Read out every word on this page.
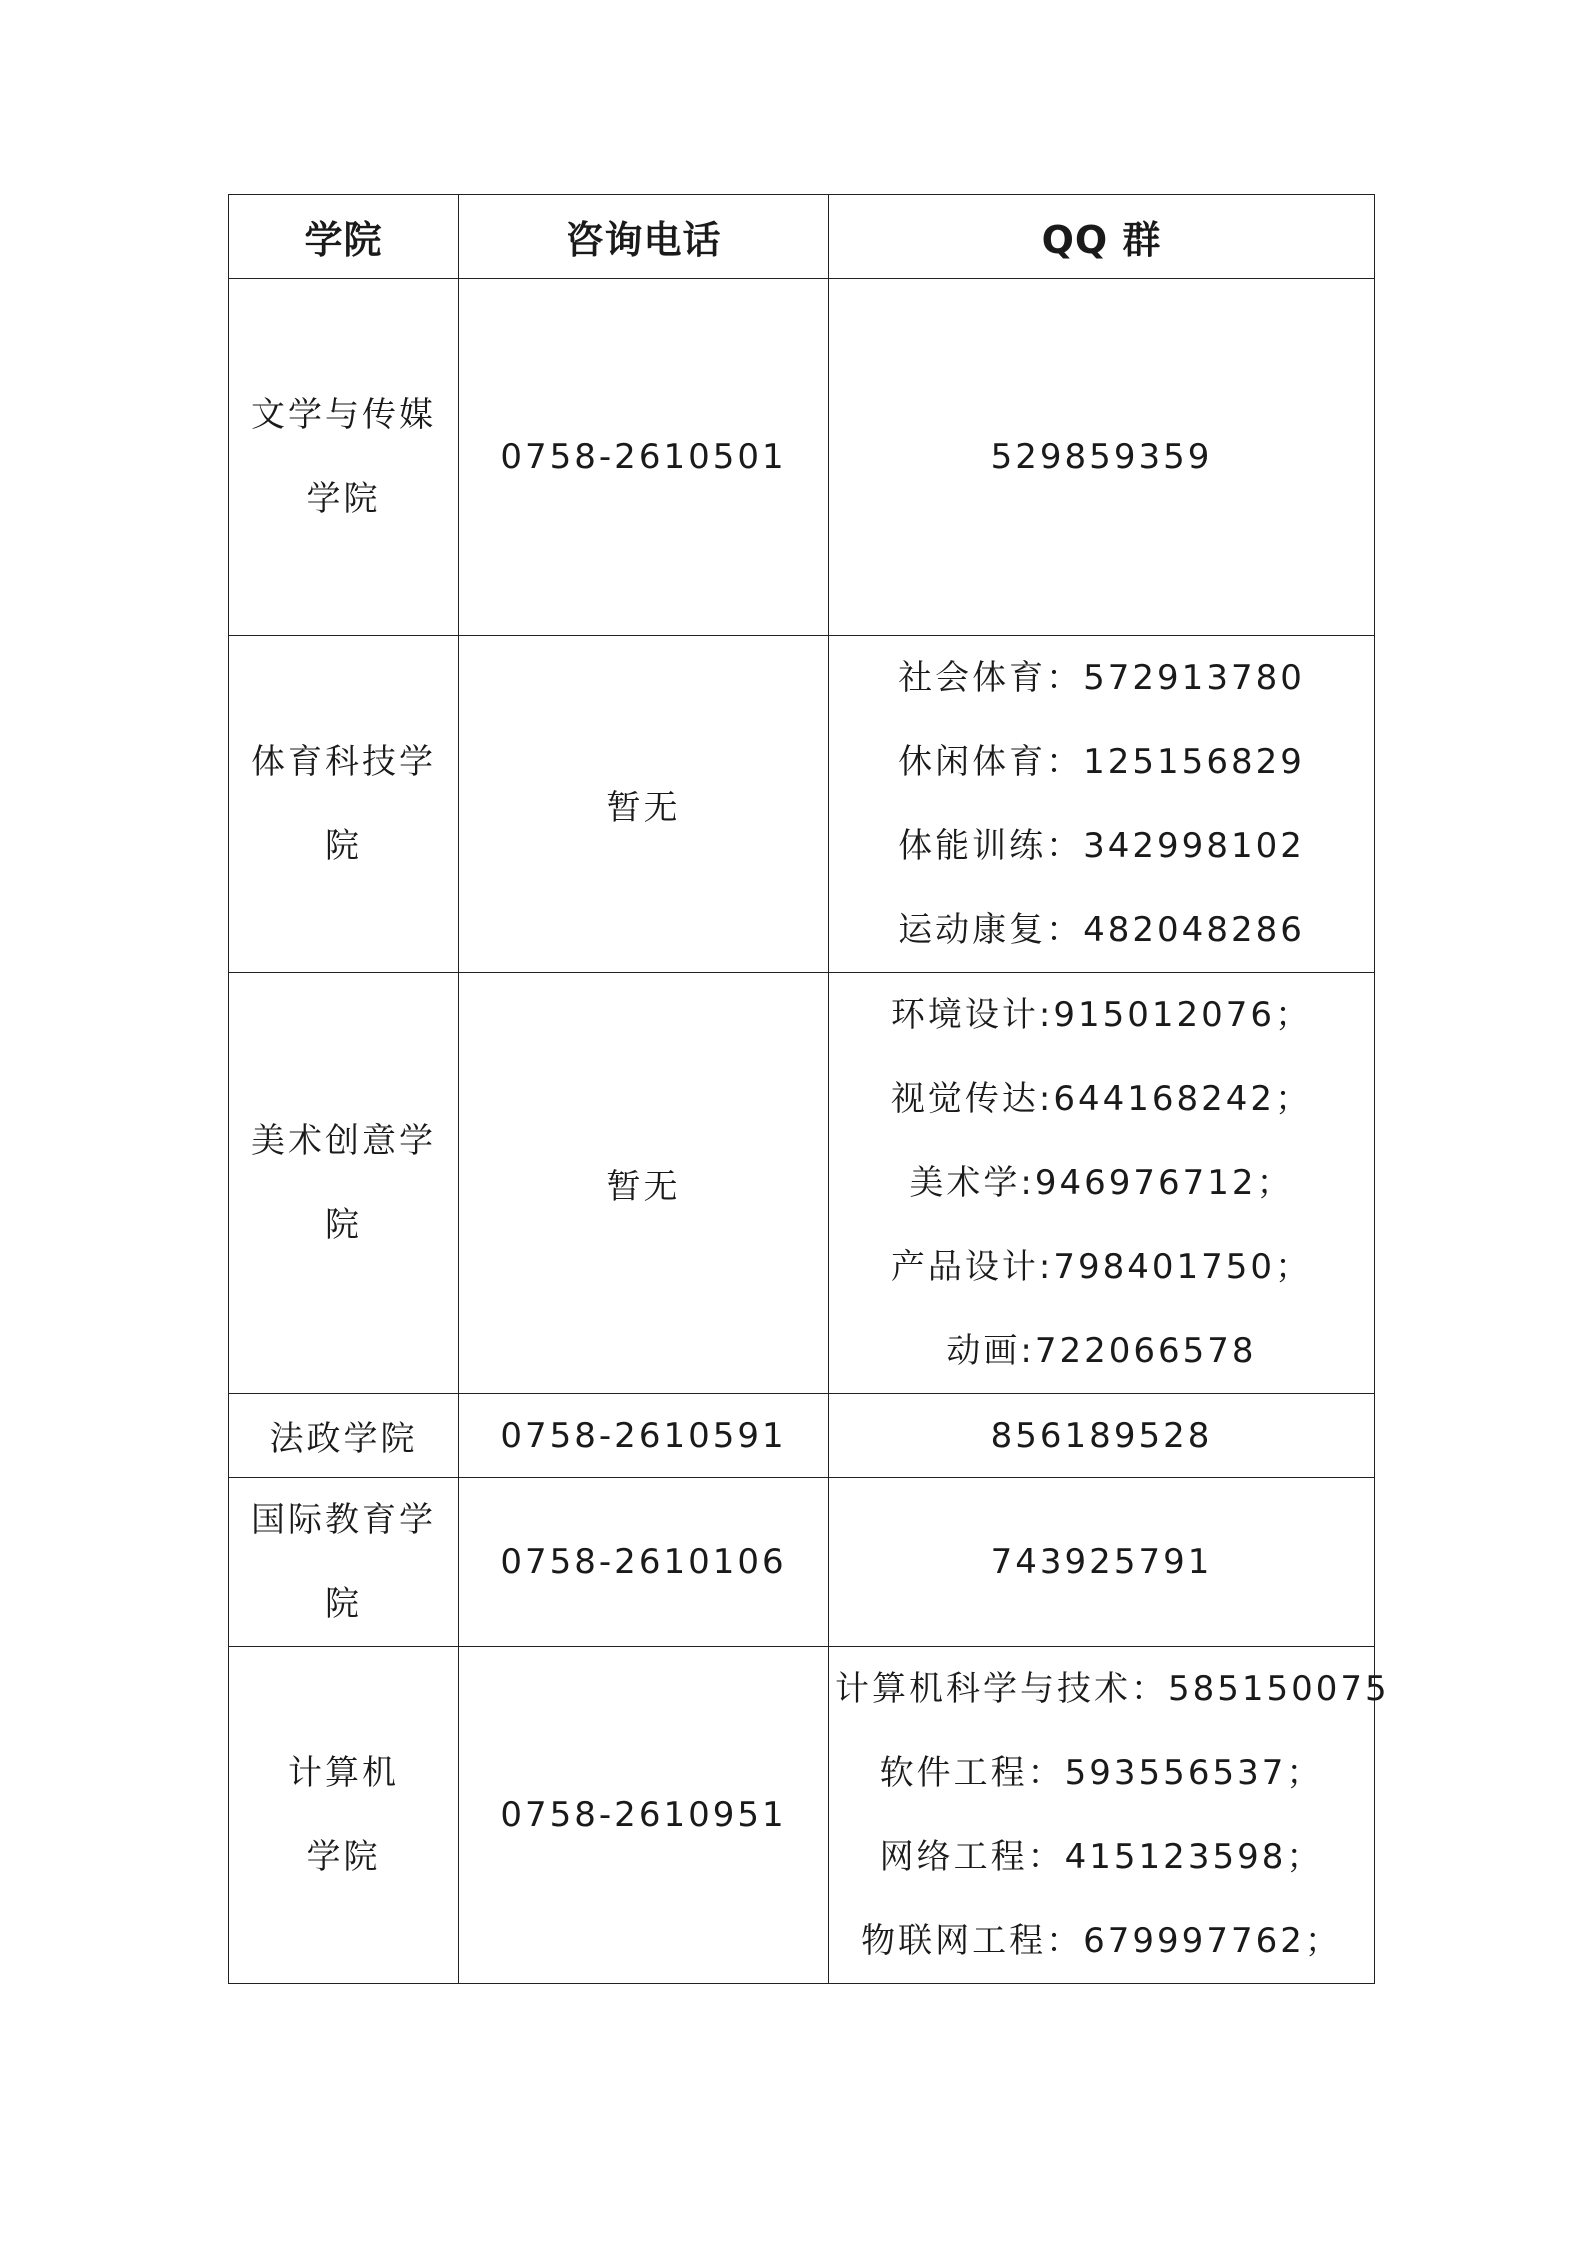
学院	咨询电话	QQ 群

文学与传媒
学院	0758-2610501	529859359

体育科技学
院	暂无	社会体育：572913780
休闲体育：125156829
体能训练：342998102
运动康复：482048286

美术创意学
院	暂无	环境设计:915012076；
视觉传达:644168242；
美术学:946976712；
产品设计:798401750；
动画:722066578

法政学院	0758-2610591	856189528

国际教育学
院	0758-2610106	743925791

计算机
学院	0758-2610951	计算机科学与技术：585150075
软件工程：593556537；
网络工程：415123598；
物联网工程：679997762；
